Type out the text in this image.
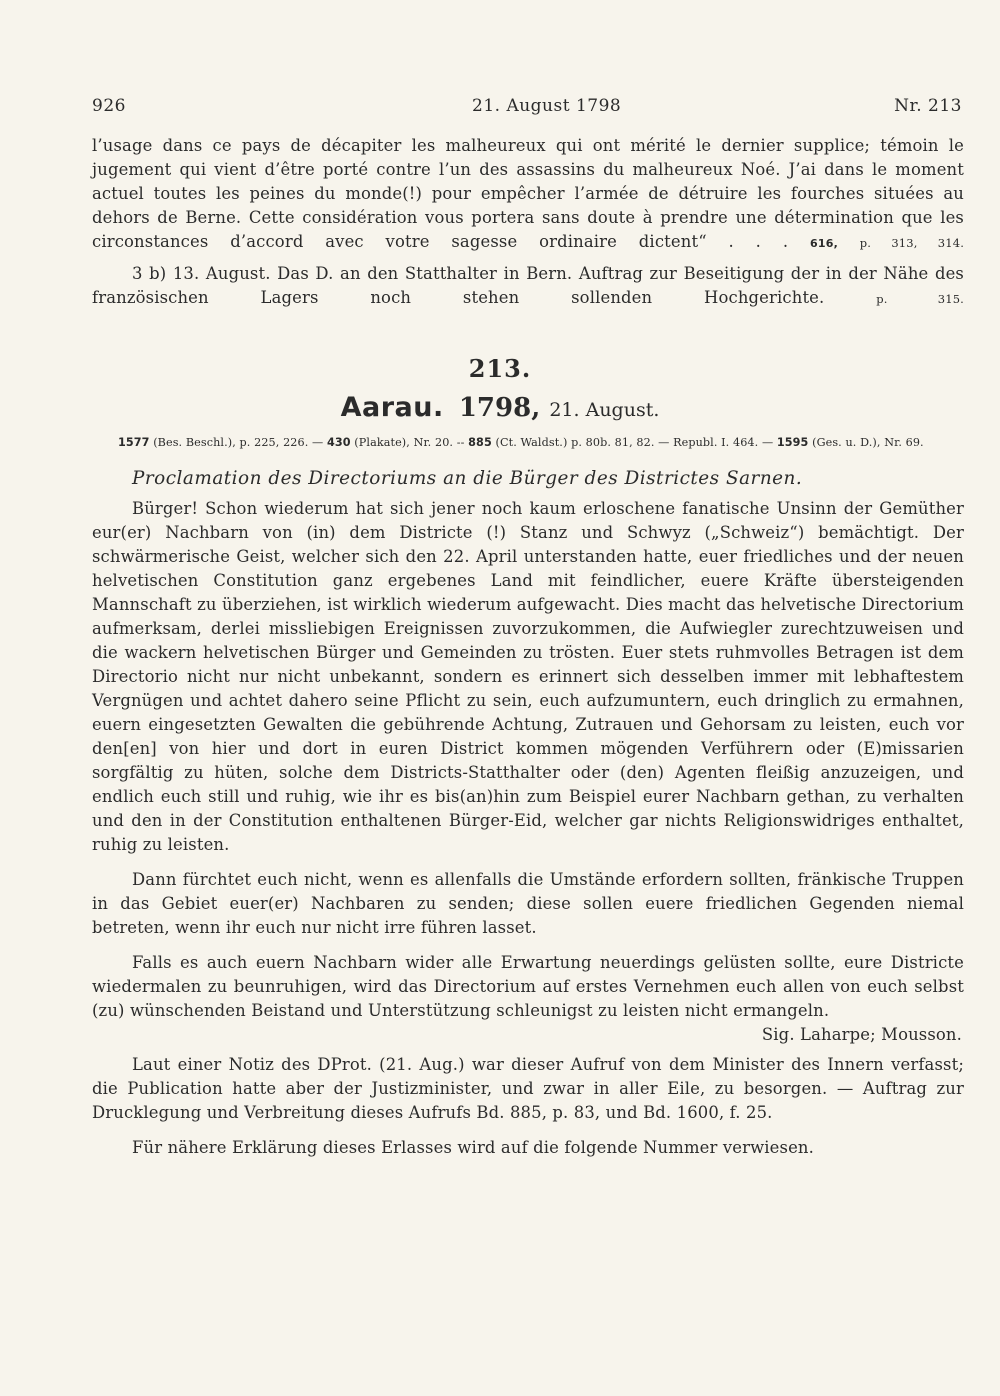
926	21. August 1798	Nr. 213

l’usage dans ce pays de décapiter les malheureux qui ont mérité le dernier supplice; témoin le jugement qui vient d’être porté contre l’un des assassins du malheureux Noé. J’ai dans le moment actuel toutes les peines du monde(!) pour empêcher l’armée de détruire les fourches situées au dehors de Berne. Cette considération vous portera sans doute à prendre une détermination que les circonstances d’accord avec votre sagesse ordinaire dictent“ . . . 616, p. 313, 314.

3 b) 13. August. Das D. an den Statthalter in Bern. Auftrag zur Beseitigung der in der Nähe des französischen Lagers noch stehen sollenden Hochgerichte.	p. 315.

213.
Aarau. 1798, 21. August.
1577 (Bes. Beschl.), p. 225, 226. — 430 (Plakate), Nr. 20. -- 885 (Ct. Waldst.) p. 80b. 81, 82. — Republ. I. 464. — 1595 (Ges. u. D.), Nr. 69.
Proclamation des Directoriums an die Bürger des Districtes Sarnen.

Bürger! Schon wiederum hat sich jener noch kaum erloschene fanatische Unsinn der Gemüther eur(er) Nachbarn von (in) dem Districte (!) Stanz und Schwyz („Schweiz“) bemächtigt. Der schwärmerische Geist, welcher sich den 22. April unterstanden hatte, euer friedliches und der neuen helvetischen Constitution ganz ergebenes Land mit feindlicher, euere Kräfte übersteigenden Mannschaft zu überziehen, ist wirklich wiederum aufgewacht. Dies macht das helvetische Directorium aufmerksam, derlei missliebigen Ereignissen zuvorzukommen, die Aufwiegler zurechtzuweisen und die wackern helvetischen Bürger und Gemeinden zu trösten. Euer stets ruhmvolles Betragen ist dem Directorio nicht nur nicht unbekannt, sondern es erinnert sich desselben immer mit lebhaftestem Vergnügen und achtet dahero seine Pflicht zu sein, euch aufzumuntern, euch dringlich zu ermahnen, euern eingesetzten Gewalten die gebührende Achtung, Zutrauen und Gehorsam zu leisten, euch vor den[en] von hier und dort in euren District kommen mögenden Verführern oder (E)missarien sorgfältig zu hüten, solche dem Districts-Statthalter oder (den) Agenten fleißig anzuzeigen, und endlich euch still und ruhig, wie ihr es bis(an)hin zum Beispiel eurer Nachbarn gethan, zu verhalten und den in der Constitution enthaltenen Bürger-Eid, welcher gar nichts Religionswidriges enthaltet, ruhig zu leisten.

Dann fürchtet euch nicht, wenn es allenfalls die Umstände erfordern sollten, fränkische Truppen in das Gebiet euer(er) Nachbaren zu senden; diese sollen euere friedlichen Gegenden niemal betreten, wenn ihr euch nur nicht irre führen lasset.

Falls es auch euern Nachbarn wider alle Erwartung neuerdings gelüsten sollte, eure Districte wiedermalen zu beunruhigen, wird das Directorium auf erstes Vernehmen euch allen von euch selbst (zu) wünschenden Beistand und Unterstützung schleunigst zu leisten nicht ermangeln.

Sig. Laharpe; Mousson.

Laut einer Notiz des DProt. (21. Aug.) war dieser Aufruf von dem Minister des Innern verfasst; die Publication hatte aber der Justizminister, und zwar in aller Eile, zu besorgen. — Auftrag zur Drucklegung und Verbreitung dieses Aufrufs Bd. 885, p. 83, und Bd. 1600, f. 25.

Für nähere Erklärung dieses Erlasses wird auf die folgende Nummer verwiesen.
